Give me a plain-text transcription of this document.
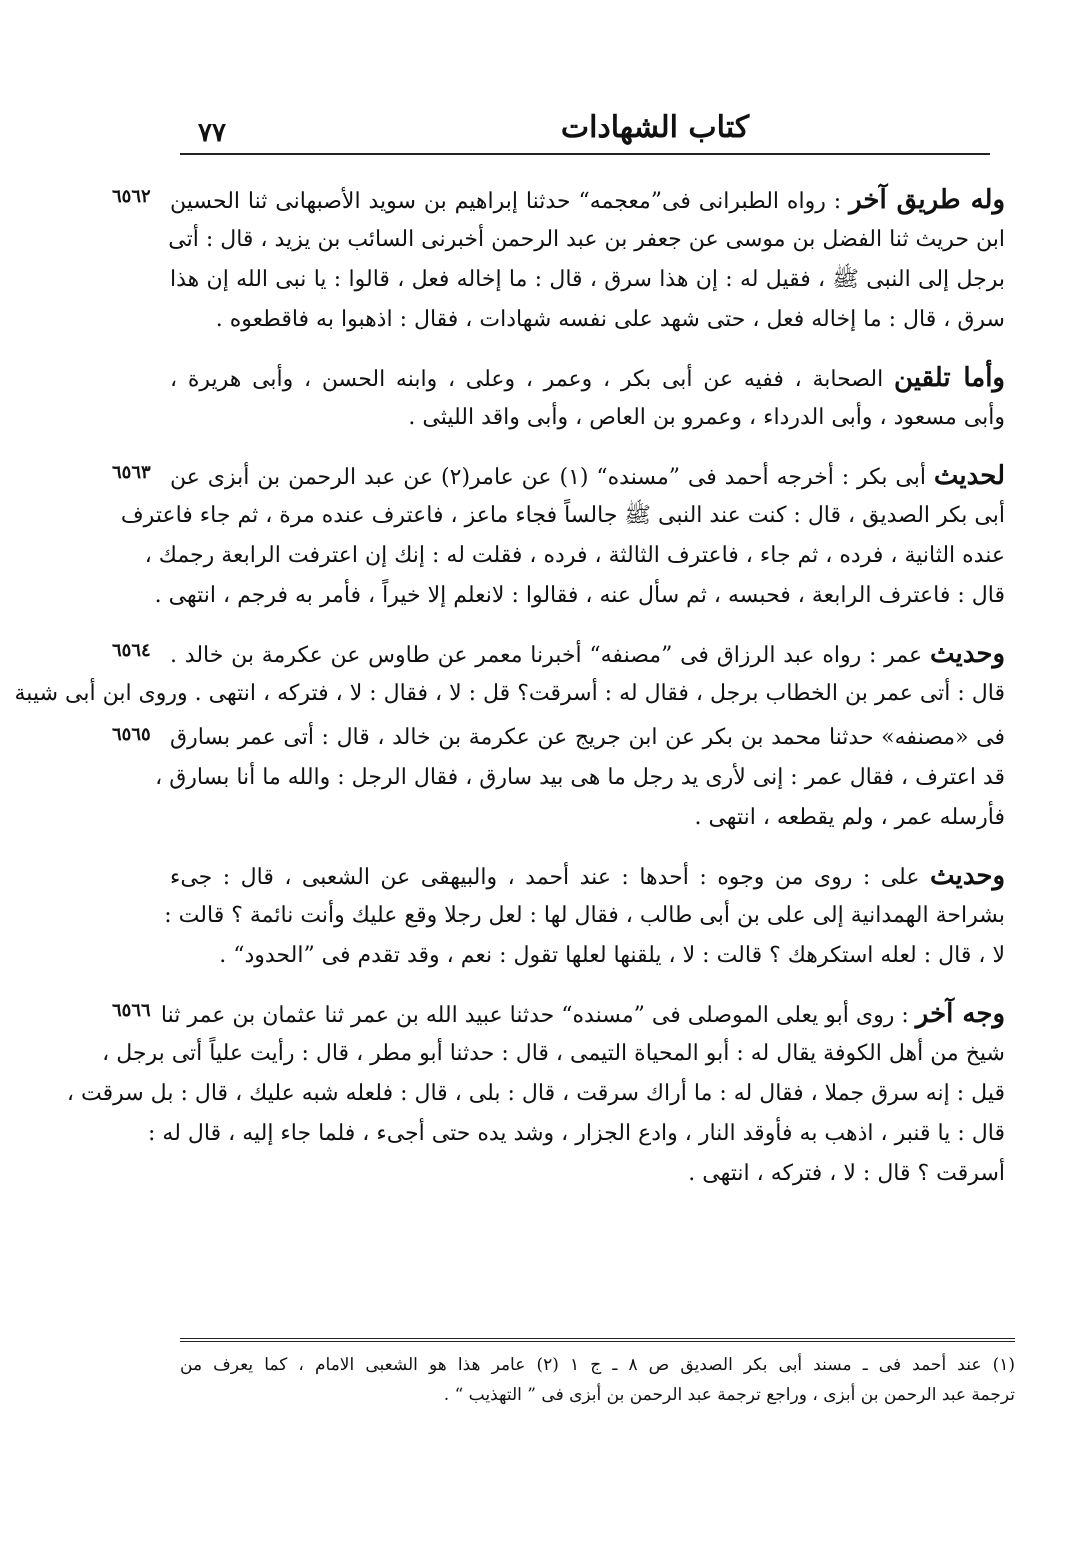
٧٧	كتاب الشهادات
٦٥٦٢	وله طريق آخر : رواه الطبرانى فى”معجمه“ حدثنا إبراهيم بن سويد الأصبهانى ثنا الحسين
ابن حريث ثنا الفضل بن موسى عن جعفر بن عبد الرحمن أخبرنى السائب بن يزيد ، قال : أتى
برجل إلى النبى ﷺ ، فقيل له : إن هذا سرق ، قال : ما إخاله فعل ، قالوا : يا نبى الله إن هذا
سرق ، قال : ما إخاله فعل ، حتى شهد على نفسه شهادات ، فقال : اذهبوا به فاقطعوه .
وأما تلقين الصحابة ، ففيه عن أبى بكر ، وعمر ، وعلى ، وابنه الحسن ، وأبى هريرة ،
وأبى مسعود ، وأبى الدرداء ، وعمرو بن العاص ، وأبى واقد الليثى .
٦٥٦٣	لحديث أبى بكر : أخرجه أحمد فى ”مسنده“ (١) عن عامر(٢) عن عبد الرحمن بن أبزى عن
أبى بكر الصديق ، قال : كنت عند النبى ﷺ جالساً فجاء ماعز ، فاعترف عنده مرة ، ثم جاء فاعترف
عنده الثانية ، فرده ، ثم جاء ، فاعترف الثالثة ، فرده ، فقلت له : إنك إن اعترفت الرابعة رجمك ،
قال : فاعترف الرابعة ، فحبسه ، ثم سأل عنه ، فقالوا : لانعلم إلا خيراً ، فأمر به فرجم ، انتهى .
٦٥٦٤	وحديث عمر : رواه عبد الرزاق فى ”مصنفه“ أخبرنا معمر عن طاوس عن عكرمة بن خالد .
قال : أتى عمر بن الخطاب برجل ، فقال له : أسرقت؟ قل : لا ، فقال : لا ، فتركه ، انتهى . وروى ابن أبى شيبة
٦٥٦٥ فى «مصنفه» حدثنا محمد بن بكر عن ابن جريج عن عكرمة بن خالد ، قال : أتى عمر بسارق
قد اعترف ، فقال عمر : إنى لأرى يد رجل ما هى بيد سارق ، فقال الرجل : والله ما أنا بسارق ،
فأرسله عمر ، ولم يقطعه ، انتهى .
وحديث على : روى من وجوه : أحدها : عند أحمد ، والبيهقى عن الشعبى ، قال : جىء
بشراحة الهمدانية إلى على بن أبى طالب ، فقال لها : لعل رجلا وقع عليك وأنت نائمة ؟ قالت :
لا ، قال : لعله استكرهك ؟ قالت : لا ، يلقنها لعلها تقول : نعم ، وقد تقدم فى ”الحدود“ .
٦٥٦٦	وجه آخر : روى أبو يعلى الموصلى فى ”مسنده“ حدثنا عبيد الله بن عمر ثنا عثمان بن عمر ثنا
شيخ من أهل الكوفة يقال له : أبو المحياة التيمى ، قال : حدثنا أبو مطر ، قال : رأيت علياً أتى برجل ،
قيل : إنه سرق جملا ، فقال له : ما أراك سرقت ، قال : بلى ، قال : فلعله شبه عليك ، قال : بل سرقت ،
قال : يا قنبر ، اذهب به فأوقد النار ، وادع الجزار ، وشد يده حتى أجىء ، فلما جاء إليه ، قال له :
أسرقت ؟ قال : لا ، فتركه ، انتهى .
(١) عند أحمد فى ـ مسند أبى بكر الصديق ص ٨ ـ ج ١ (٢) عامر هذا هو الشعبى الامام ، كما يعرف من
ترجمة عبد الرحمن بن أبزى ، وراجع ترجمة عبد الرحمن بن أبزى فى ” التهذيب “ .
